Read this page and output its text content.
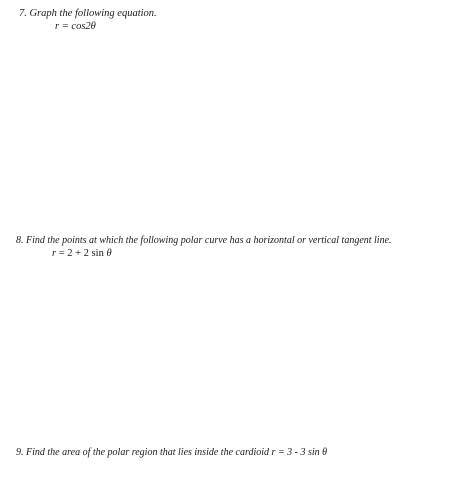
7. Graph the following equation.
r = cos2θ
8. Find the points at which the following polar curve has a horizontal or vertical tangent line.
r = 2 + 2 sin θ
9. Find the area of the polar region that lies inside the cardioid r = 3 - 3 sin θ
